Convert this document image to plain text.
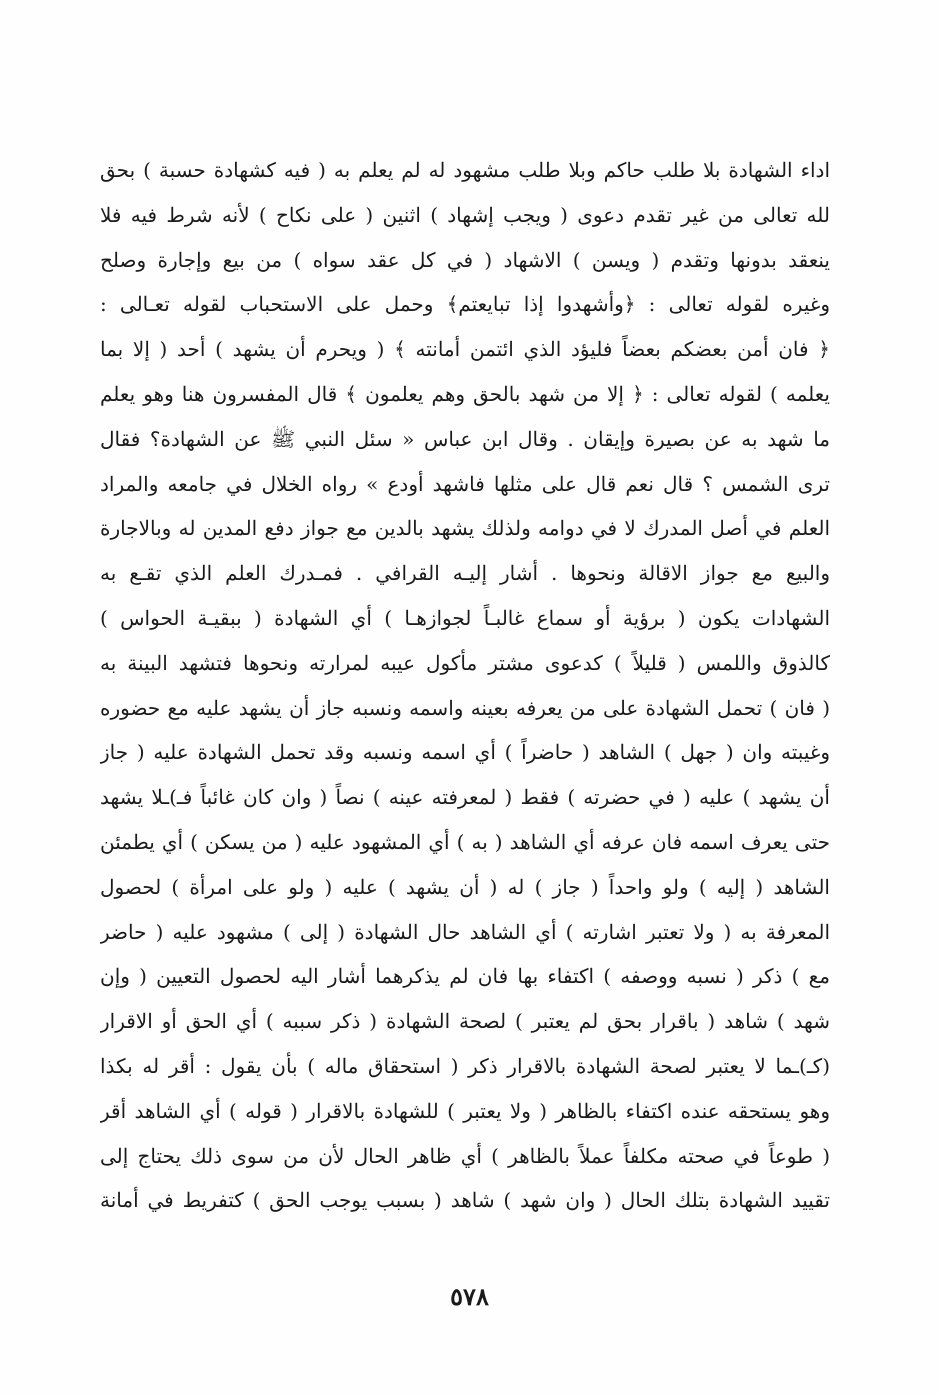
اداء الشهادة بلا طلب حاكم وبلا طلب مشهود له لم يعلم به ( فيه كشهادة حسبة ) بحق
لله تعالى من غير تقدم دعوى ( ويجب إشهاد ) اثنين ( على نكاح ) لأنه شرط فيه فلا
ينعقد بدونها وتقدم ( ويسن ) الاشهاد ( في كل عقد سواه ) من بيع وإجارة وصلح
وغيره لقوله تعالى : ﴿وأشهدوا إذا تبايعتم﴾ وحمل على الاستحباب لقوله تعـالى :
﴿ فان أمن بعضكم بعضاً فليؤد الذي ائتمن أمانته ﴾ ( ويحرم أن يشهد ) أحد ( إلا بما
يعلمه ) لقوله تعالى : ﴿ إلا من شهد بالحق وهم يعلمون ﴾ قال المفسرون هنا وهو يعلم
ما شهد به عن بصيرة وإيقان . وقال ابن عباس « سئل النبي ﷺ عن الشهادة؟ فقال
ترى الشمس ؟ قال نعم قال على مثلها فاشهد أودع » رواه الخلال في جامعه والمراد
العلم في أصل المدرك لا في دوامه ولذلك يشهد بالدين مع جواز دفع المدين له وبالاجارة
والبيع مع جواز الاقالة ونحوها . أشار إليـه القرافي . فمـدرك العلم الذي تقـع به
الشهادات يكون ( برؤية أو سماع غالبـاً لجوازهـا ) أي الشهادة ( ببقيـة الحواس )
كالذوق واللمس ( قليلاً ) كدعوى مشتر مأكول عيبه لمرارته ونحوها فتشهد البينة به
( فان ) تحمل الشهادة على من يعرفه بعينه واسمه ونسبه جاز أن يشهد عليه مع حضوره
وغيبته وان ( جهل ) الشاهد ( حاضراً ) أي اسمه ونسبه وقد تحمل الشهادة عليه ( جاز
أن يشهد ) عليه ( في حضرته ) فقط ( لمعرفته عينه ) نصاً ( وان كان غائباً فـ)ـلا يشهد
حتى يعرف اسمه فان عرفه أي الشاهد ( به ) أي المشهود عليه ( من يسكن ) أي يطمئن
الشاهد ( إليه ) ولو واحداً ( جاز ) له ( أن يشهد ) عليه ( ولو على امرأة ) لحصول
المعرفة به ( ولا تعتبر اشارته ) أي الشاهد حال الشهادة ( إلى ) مشهود عليه ( حاضر
مع ) ذكر ( نسبه ووصفه ) اكتفاء بها فان لم يذكرهما أشار اليه لحصول التعيين ( وإن
شهد ) شاهد ( باقرار بحق لم يعتبر ) لصحة الشهادة ( ذكر سببه ) أي الحق أو الاقرار
(كـ)ـما لا يعتبر لصحة الشهادة بالاقرار ذكر ( استحقاق ماله ) بأن يقول : أقر له بكذا
وهو يستحقه عنده اكتفاء بالظاهر ( ولا يعتبر ) للشهادة بالاقرار ( قوله ) أي الشاهد أقر
( طوعاً في صحته مكلفاً عملاً بالظاهر ) أي ظاهر الحال لأن من سوى ذلك يحتاج إلى
تقييد الشهادة بتلك الحال ( وان شهد ) شاهد ( بسبب يوجب الحق ) كتفريط في أمانة
٥٧٨
